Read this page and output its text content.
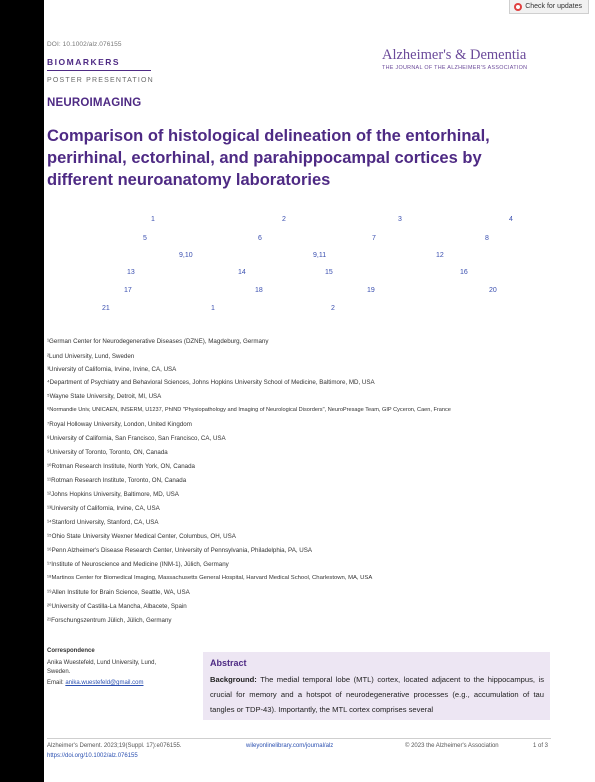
Check for updates
DOI: 10.1002/alz.076155
BIOMARKERS
POSTER PRESENTATION
Alzheimer's & Dementia
THE JOURNAL OF THE ALZHEIMER'S ASSOCIATION
NEUROIMAGING
Comparison of histological delineation of the entorhinal, perirhinal, ectorhinal, and parahippocampal cortices by different neuroanatomy laboratories
1	2	3	4
5	6	7	8
9,10	9,11	12
13	14	15	16
17	18	19	20
21	1	2
¹German Center for Neurodegenerative Diseases (DZNE), Magdeburg, Germany
²Lund University, Lund, Sweden
³University of California, Irvine, Irvine, CA, USA
⁴Department of Psychiatry and Behavioral Sciences, Johns Hopkins University School of Medicine, Baltimore, MD, USA
⁵Wayne State University, Detroit, MI, USA
⁶Normandie Univ, UNICAEN, INSERM, U1237, PhIND "Physiopathology and Imaging of Neurological Disorders", NeuroPresage Team, GIP Cyceron, Caen, France
⁷Royal Holloway University, London, United Kingdom
⁸University of California, San Francisco, San Francisco, CA, USA
⁹University of Toronto, Toronto, ON, Canada
¹⁰Rotman Research Institute, North York, ON, Canada
¹¹Rotman Research Institute, Toronto, ON, Canada
¹²Johns Hopkins University, Baltimore, MD, USA
¹³University of California, Irvine, CA, USA
¹⁴Stanford University, Stanford, CA, USA
¹⁵Ohio State University Wexner Medical Center, Columbus, OH, USA
¹⁶Penn Alzheimer's Disease Research Center, University of Pennsylvania, Philadelphia, PA, USA
¹⁷Institute of Neuroscience and Medicine (INM-1), Jülich, Germany
¹⁸Martinos Center for Biomedical Imaging, Massachusetts General Hospital, Harvard Medical School, Charlestown, MA, USA
¹⁹Allen Institute for Brain Science, Seattle, WA, USA
²⁰University of Castilla-La Mancha, Albacete, Spain
²¹Forschungszentrum Jülich, Jülich, Germany
Correspondence
Anika Wuestefeld, Lund University, Lund, Sweden.
Email: anika.wuestefeld@gmail.com
Abstract
Background: The medial temporal lobe (MTL) cortex, located adjacent to the hippocampus, is crucial for memory and a hotspot of neurodegenerative processes (e.g., accumulation of tau tangles or TDP-43). Importantly, the MTL cortex comprises several
Alzheimer's Dement. 2023;19(Suppl. 17):e076155.
https://doi.org/10.1002/alz.076155
wileyonlinelibrary.com/journal/alz	© 2023 the Alzheimer's Association	1 of 3
